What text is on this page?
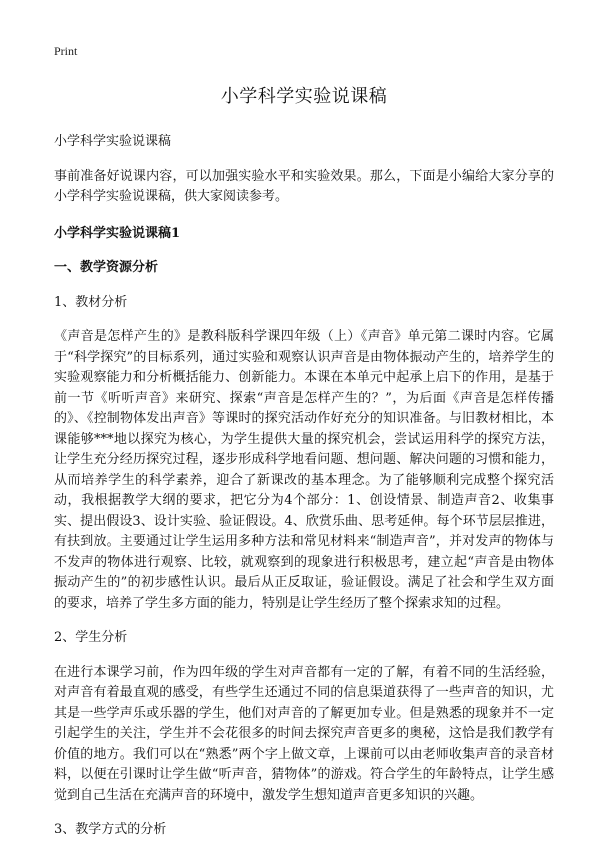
Print
小学科学实验说课稿

小学科学实验说课稿

事前准备好说课内容，可以加强实验水平和实验效果。那么，下面是小编给大家分享的小学科学实验说课稿，供大家阅读参考。

小学科学实验说课稿1

一、教学资源分析

1、教材分析

《声音是怎样产生的》是教科版科学课四年级（上）《声音》单元第二课时内容。它属于“科学探究”的目标系列，通过实验和观察认识声音是由物体振动产生的，培养学生的实验观察能力和分析概括能力、创新能力。本课在本单元中起承上启下的作用，是基于前一节《听听声音》来研究、探索“声音是怎样产生的？”，为后面《声音是怎样传播的》、《控制物体发出声音》等课时的探究活动作好充分的知识准备。与旧教材相比，本课能够***地以探究为核心，为学生提供大量的探究机会，尝试运用科学的探究方法，让学生充分经历探究过程，逐步形成科学地看问题、想问题、解决问题的习惯和能力，从而培养学生的科学素养，迎合了新课改的基本理念。为了能够顺利完成整个探究活动，我根据教学大纲的要求，把它分为4个部分：1、创设情景、制造声音2、收集事实、提出假设3、设计实验、验证假设。4、欣赏乐曲、思考延伸。每个环节层层推进，有扶到放。主要通过让学生运用多种方法和常见材料来“制造声音”，并对发声的物体与不发声的物体进行观察、比较，就观察到的现象进行积极思考，建立起“声音是由物体振动产生的”的初步感性认识。最后从正反取证，验证假设。满足了社会和学生双方面的要求，培养了学生多方面的能力，特别是让学生经历了整个探索求知的过程。

2、学生分析

在进行本课学习前，作为四年级的学生对声音都有一定的了解，有着不同的生活经验，对声音有着最直观的感受，有些学生还通过不同的信息渠道获得了一些声音的知识，尤其是一些学声乐或乐器的学生，他们对声音的了解更加专业。但是熟悉的现象并不一定引起学生的关注，学生并不会花很多的时间去探究声音更多的奥秘，这恰是我们教学有价值的地方。我们可以在“熟悉”两个字上做文章，上课前可以由老师收集声音的录音材料，以便在引课时让学生做“听声音，猜物体”的游戏。符合学生的年龄特点，让学生感觉到自己生活在充满声音的环境中，激发学生想知道声音更多知识的兴趣。

3、教学方式的分析
